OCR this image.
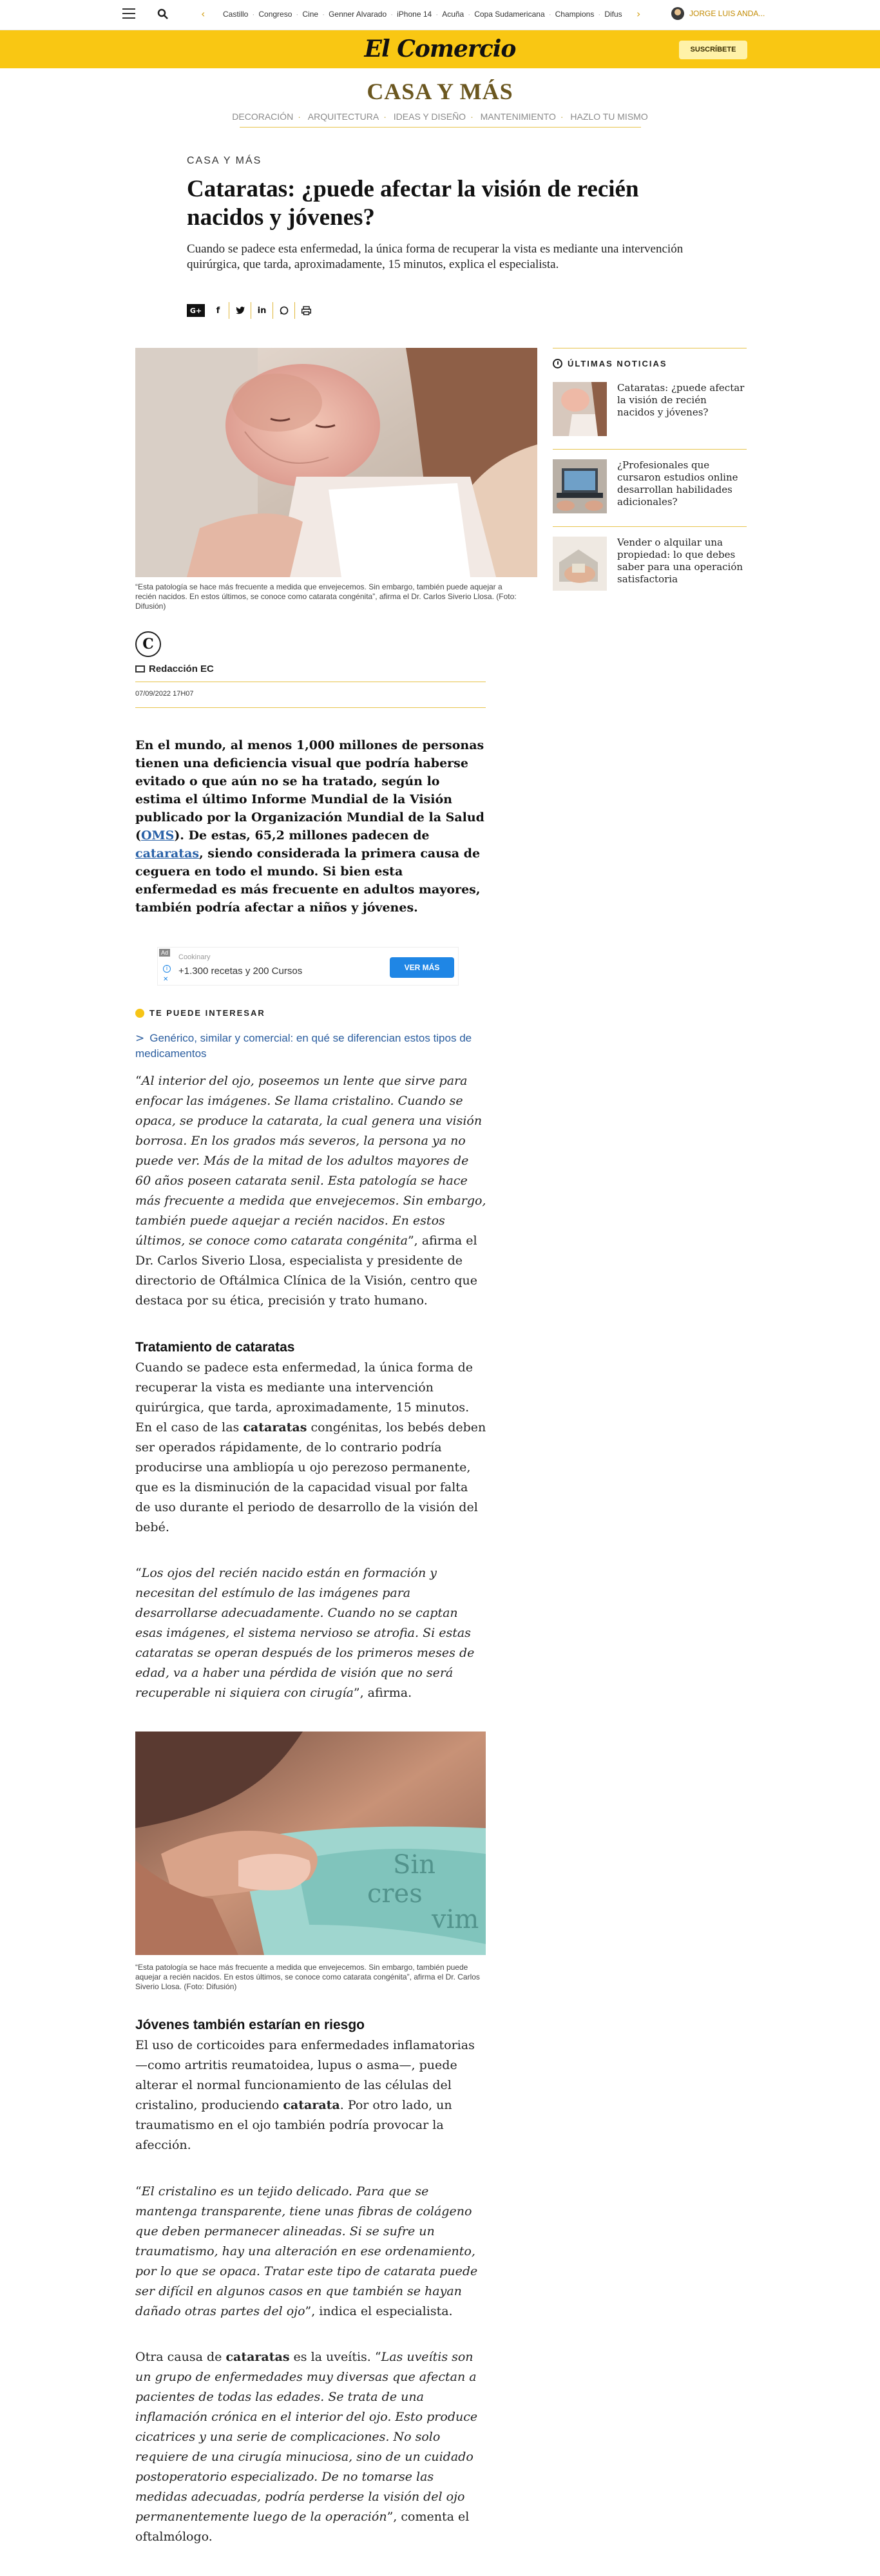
‹ Castillo · Congreso · Cine · Genner Alvarado · iPhone 14 · Acuña · Copa Sudamericana · Champions · Difus ›	JORGE LUIS ANDA...
El Comercio	SUSCRÍBETE
CASA Y MÁS
DECORACIÓN · ARQUITECTURA · IDEAS Y DISEÑO · MANTENIMIENTO · HAZLO TU MISMO
CASA Y MÁS
Cataratas: ¿puede afectar la visión de recién nacidos y jóvenes?

Cuando se padece esta enfermedad, la única forma de recuperar la vista es mediante una intervención quirúrgica, que tarda, aproximadamente, 15 minutos, explica el especialista.

G+	f	in
“Esta patología se hace más frecuente a medida que envejecemos. Sin embargo, también puede aquejar a recién nacidos. En estos últimos, se conoce como catarata congénita”, afirma el Dr. Carlos Siverio Llosa. (Foto: Difusión)
C
Redacción EC
07/09/2022 17H07

En el mundo, al menos 1,000 millones de personas tienen una deficiencia visual que podría haberse evitado o que aún no se ha tratado, según lo estima el último Informe Mundial de la Visión publicado por la Organización Mundial de la Salud (OMS). De estas, 65,2 millones padecen de cataratas, siendo considerada la primera causa de ceguera en todo el mundo. Si bien esta enfermedad es más frecuente en adultos mayores, también podría afectar a niños y jóvenes.

Ad
Cookinary
i	+1.300 recetas y 200 Cursos
✕
VER MÁS
TE PUEDE INTERESAR
> Genérico, similar y comercial: en qué se diferencian estos tipos de medicamentos

“Al interior del ojo, poseemos un lente que sirve para enfocar las imágenes. Se llama cristalino. Cuando se opaca, se produce la catarata, la cual genera una visión borrosa. En los grados más severos, la persona ya no puede ver. Más de la mitad de los adultos mayores de 60 años poseen catarata senil. Esta patología se hace más frecuente a medida que envejecemos. Sin embargo, también puede aquejar a recién nacidos. En estos últimos, se conoce como catarata congénita”, afirma el Dr. Carlos Siverio Llosa, especialista y presidente de directorio de Oftálmica Clínica de la Visión, centro que destaca por su ética, precisión y trato humano.

Tratamiento de cataratas

Cuando se padece esta enfermedad, la única forma de recuperar la vista es mediante una intervención quirúrgica, que tarda, aproximadamente, 15 minutos. En el caso de las cataratas congénitas, los bebés deben ser operados rápidamente, de lo contrario podría producirse una ambliopía u ojo perezoso permanente, que es la disminución de la capacidad visual por falta de uso durante el periodo de desarrollo de la visión del bebé.

“Los ojos del recién nacido están en formación y necesitan del estímulo de las imágenes para desarrollarse adecuadamente. Cuando no se captan esas imágenes, el sistema nervioso se atrofia. Si estas cataratas se operan después de los primeros meses de edad, va a haber una pérdida de visión que no será recuperable ni siquiera con cirugía”, afirma.

Sin
cres
vim
“Esta patología se hace más frecuente a medida que envejecemos. Sin embargo, también puede aquejar a recién nacidos. En estos últimos, se conoce como catarata congénita”, afirma el Dr. Carlos Siverio Llosa. (Foto: Difusión)
Jóvenes también estarían en riesgo

El uso de corticoides para enfermedades inflamatorias —como artritis reumatoidea, lupus o asma—, puede alterar el normal funcionamiento de las células del cristalino, produciendo catarata. Por otro lado, un traumatismo en el ojo también podría provocar la afección.

“El cristalino es un tejido delicado. Para que se mantenga transparente, tiene unas fibras de colágeno que deben permanecer alineadas. Si se sufre un traumatismo, hay una alteración en ese ordenamiento, por lo que se opaca. Tratar este tipo de catarata puede ser difícil en algunos casos en que también se hayan dañado otras partes del ojo”, indica el especialista.

Otra causa de cataratas es la uveítis. “Las uveítis son un grupo de enfermedades muy diversas que afectan a pacientes de todas las edades. Se trata de una inflamación crónica en el interior del ojo. Esto produce cicatrices y una serie de complicaciones. No solo requiere de una cirugía minuciosa, sino de un cuidado postoperatorio especializado. De no tomarse las medidas adecuadas, podría perderse la visión del ojo permanentemente luego de la operación”, comenta el oftalmólogo.

ÚLTIMAS NOTICIAS
Cataratas: ¿puede afectar la visión de recién nacidos y jóvenes?
¿Profesionales que cursaron estudios online desarrollan habilidades adicionales?
Vender o alquilar una propiedad: lo que debes saber para una operación satisfactoria
